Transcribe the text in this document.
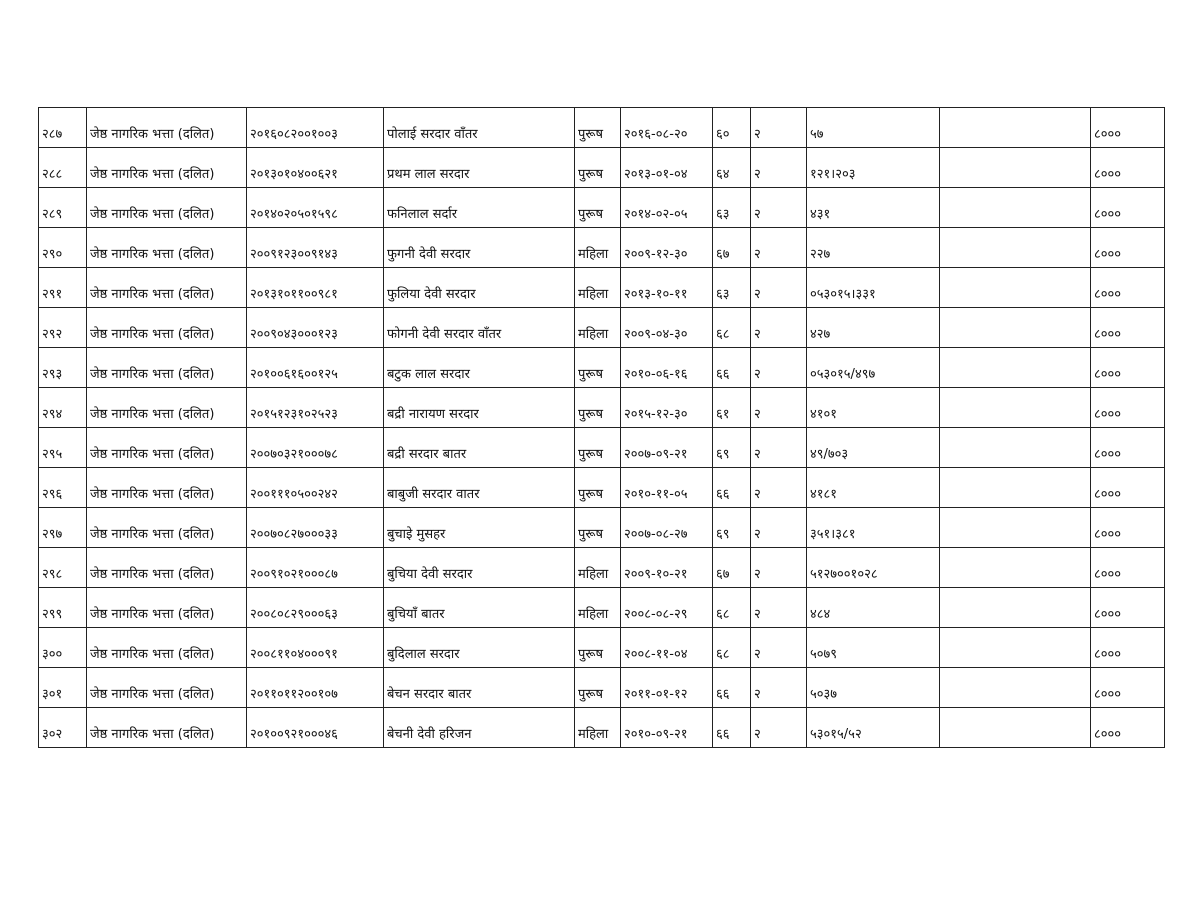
२८७	जेष्ठ नागरिक भत्ता (दलित)	२०१६०८२००१००३	पोलाई सरदार वाँतर	पुरूष	२०१६-०८-२०	६०	२	५७		८०००
२८८	जेष्ठ नागरिक भत्ता (दलित)	२०१३०१०४००६२१	प्रथम लाल सरदार	पुरूष	२०१३-०१-०४	६४	२	१२१।२०३		८०००
२८९	जेष्ठ नागरिक भत्ता (दलित)	२०१४०२०५०१५९८	फनिलाल सर्दार	पुरूष	२०१४-०२-०५	६३	२	४३१		८०००
२९०	जेष्ठ नागरिक भत्ता (दलित)	२००९१२३००९१४३	फुगनी देवी सरदार	महिला	२००९-१२-३०	६७	२	२२७		८०००
२९१	जेष्ठ नागरिक भत्ता (दलित)	२०१३१०११००९८१	फुलिया देवी सरदार	महिला	२०१३-१०-११	६३	२	०५३०१५।३३१		८०००
२९२	जेष्ठ नागरिक भत्ता (दलित)	२००९०४३०००१२३	फोगनी देवी सरदार वाँतर	महिला	२००९-०४-३०	६८	२	४२७		८०००
२९३	जेष्ठ नागरिक भत्ता (दलित)	२०१००६१६००१२५	बटुक लाल सरदार	पुरूष	२०१०-०६-१६	६६	२	०५३०१५/४९७		८०००
२९४	जेष्ठ नागरिक भत्ता (दलित)	२०१५१२३१०२५२३	बद्री नारायण सरदार	पुरूष	२०१५-१२-३०	६१	२	४१०१		८०००
२९५	जेष्ठ नागरिक भत्ता (दलित)	२००७०३२१०००७८	बद्री सरदार बातर	पुरूष	२००७-०९-२१	६९	२	४९/७०३		८०००
२९६	जेष्ठ नागरिक भत्ता (दलित)	२००१११०५००२४२	बाबुजी सरदार वातर	पुरूष	२०१०-११-०५	६६	२	४१८१		८०००
२९७	जेष्ठ नागरिक भत्ता (दलित)	२००७०८२७०००३३	बुचाइे मुसहर	पुरूष	२००७-०८-२७	६९	२	३५१।३८१		८०००
२९८	जेष्ठ नागरिक भत्ता (दलित)	२००९१०२१०००८७	बुचिया देवी सरदार	महिला	२००९-१०-२१	६७	२	५१२७००१०२८		८०००
२९९	जेष्ठ नागरिक भत्ता (दलित)	२००८०८२९०००६३	बुचियाँ बातर	महिला	२००८-०८-२९	६८	२	४८४		८०००
३००	जेष्ठ नागरिक भत्ता (दलित)	२००८११०४०००९१	बुदिलाल सरदार	पुरूष	२००८-११-०४	६८	२	५०७९		८०००
३०१	जेष्ठ नागरिक भत्ता (दलित)	२०११०११२००१०७	बेचन सरदार बातर	पुरूष	२०११-०१-१२	६६	२	५०३७		८०००
३०२	जेष्ठ नागरिक भत्ता (दलित)	२०१००९२१०००४६	बेचनी देवी हरिजन	महिला	२०१०-०९-२१	६६	२	५३०१५/५२		८०००
